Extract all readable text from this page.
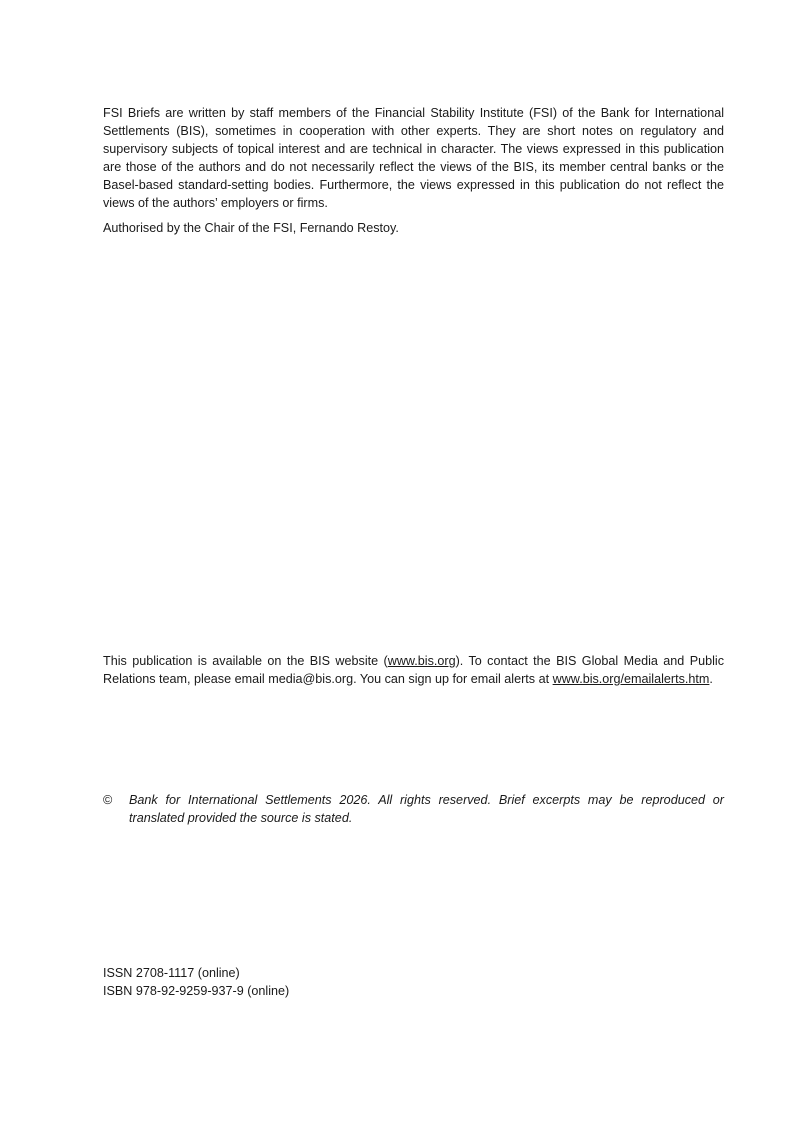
FSI Briefs are written by staff members of the Financial Stability Institute (FSI) of the Bank for International Settlements (BIS), sometimes in cooperation with other experts. They are short notes on regulatory and supervisory subjects of topical interest and are technical in character. The views expressed in this publication are those of the authors and do not necessarily reflect the views of the BIS, its member central banks or the Basel-based standard-setting bodies. Furthermore, the views expressed in this publication do not reflect the views of the authors’ employers or firms.

Authorised by the Chair of the FSI, Fernando Restoy.

This publication is available on the BIS website (www.bis.org). To contact the BIS Global Media and Public Relations team, please email media@bis.org. You can sign up for email alerts at www.bis.org/emailalerts.htm.

© Bank for International Settlements 2026. All rights reserved. Brief excerpts may be reproduced or translated provided the source is stated.
ISSN 2708-1117 (online)
ISBN 978-92-9259-937-9 (online)
